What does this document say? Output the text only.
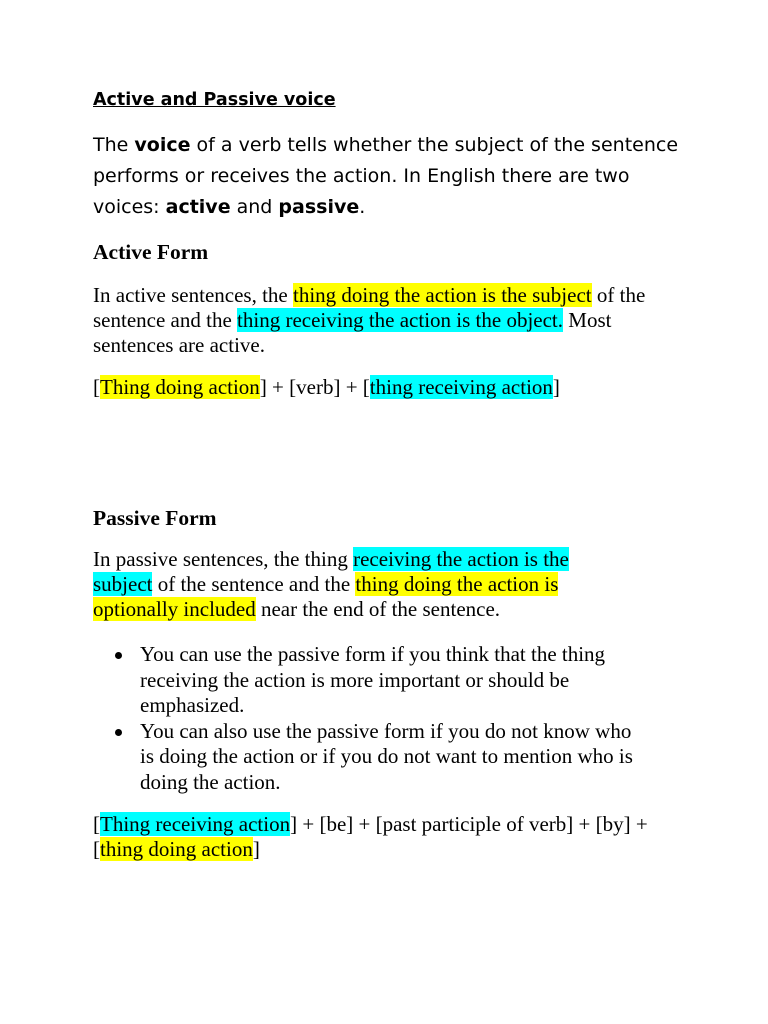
Active and Passive voice
The voice of a verb tells whether the subject of the sentence performs or receives the action. In English there are two voices: active and passive.
Active Form

In active sentences, the thing doing the action is the subject of the sentence and the thing receiving the action is the object. Most sentences are active.

[Thing doing action] + [verb] + [thing receiving action]

Passive Form

In passive sentences, the thing receiving the action is the subject of the sentence and the thing doing the action is optionally included near the end of the sentence.

You can use the passive form if you think that the thing receiving the action is more important or should be emphasized.
You can also use the passive form if you do not know who is doing the action or if you do not want to mention who is doing the action.

[Thing receiving action] + [be] + [past participle of verb] + [by] + [thing doing action]
